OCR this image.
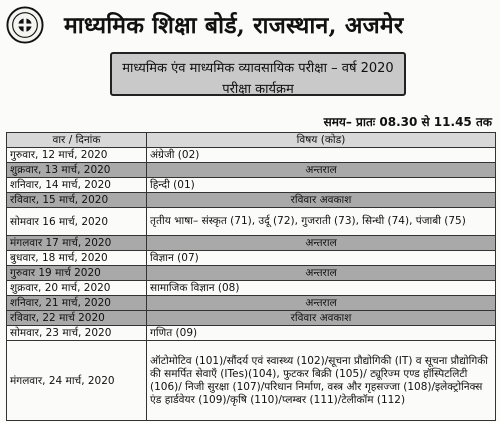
माध्यमिक शिक्षा बोर्ड, राजस्थान, अजमेर
माध्यमिक एंव माध्यमिक व्यावसायिक परीक्षा – वर्ष 2020
परीक्षा कार्यक्रम
समय– प्रातः 08.30 से 11.45 तक
वार / दिनांक	विषय (कोड)
गुरुवार, 12 मार्च, 2020	अंग्रेजी (02)
शुक्रवार, 13 मार्च, 2020	अन्तराल
शनिवार, 14 मार्च, 2020	हिन्दी (01)
रविवार, 15 मार्च, 2020	रविवार अवकाश
सोमवार 16 मार्च, 2020	तृतीय भाषा– संस्कृत (71), उर्दू (72), गुजराती (73), सिन्धी (74), पंजाबी (75)
मंगलवार 17 मार्च, 2020	अन्तराल
बुधवार, 18 मार्च, 2020	विज्ञान (07)
गुरुवार 19 मार्च 2020	अन्तराल
शुक्रवार, 20 मार्च, 2020	सामाजिक विज्ञान (08)
शनिवार, 21 मार्च, 2020	अन्तराल
रविवार, 22 मार्च 2020	रविवार अवकाश
सोमवार, 23 मार्च, 2020	गणित (09)
मंगलवार, 24 मार्च, 2020	ऑटोमोटिव (101)/सौंदर्य एवं स्वास्थ्य (102)/सूचना प्रौद्योगिकी (IT) व सूचना प्रौद्योगिकी की समर्पित सेवाएँ (ITes)(104), फुटकर बिक्री (105)/ ट्यूरिज्म एण्ड हॉस्पिटलिटी (106)/ निजी सुरक्षा (107)/परिधान निर्माण, वस्त्र और गृहसज्जा (108)/इलेक्ट्रोनिक्स एंड हार्डवेयर (109)/कृषि (110)/प्लम्बर (111)/टेलीकॉम (112)
